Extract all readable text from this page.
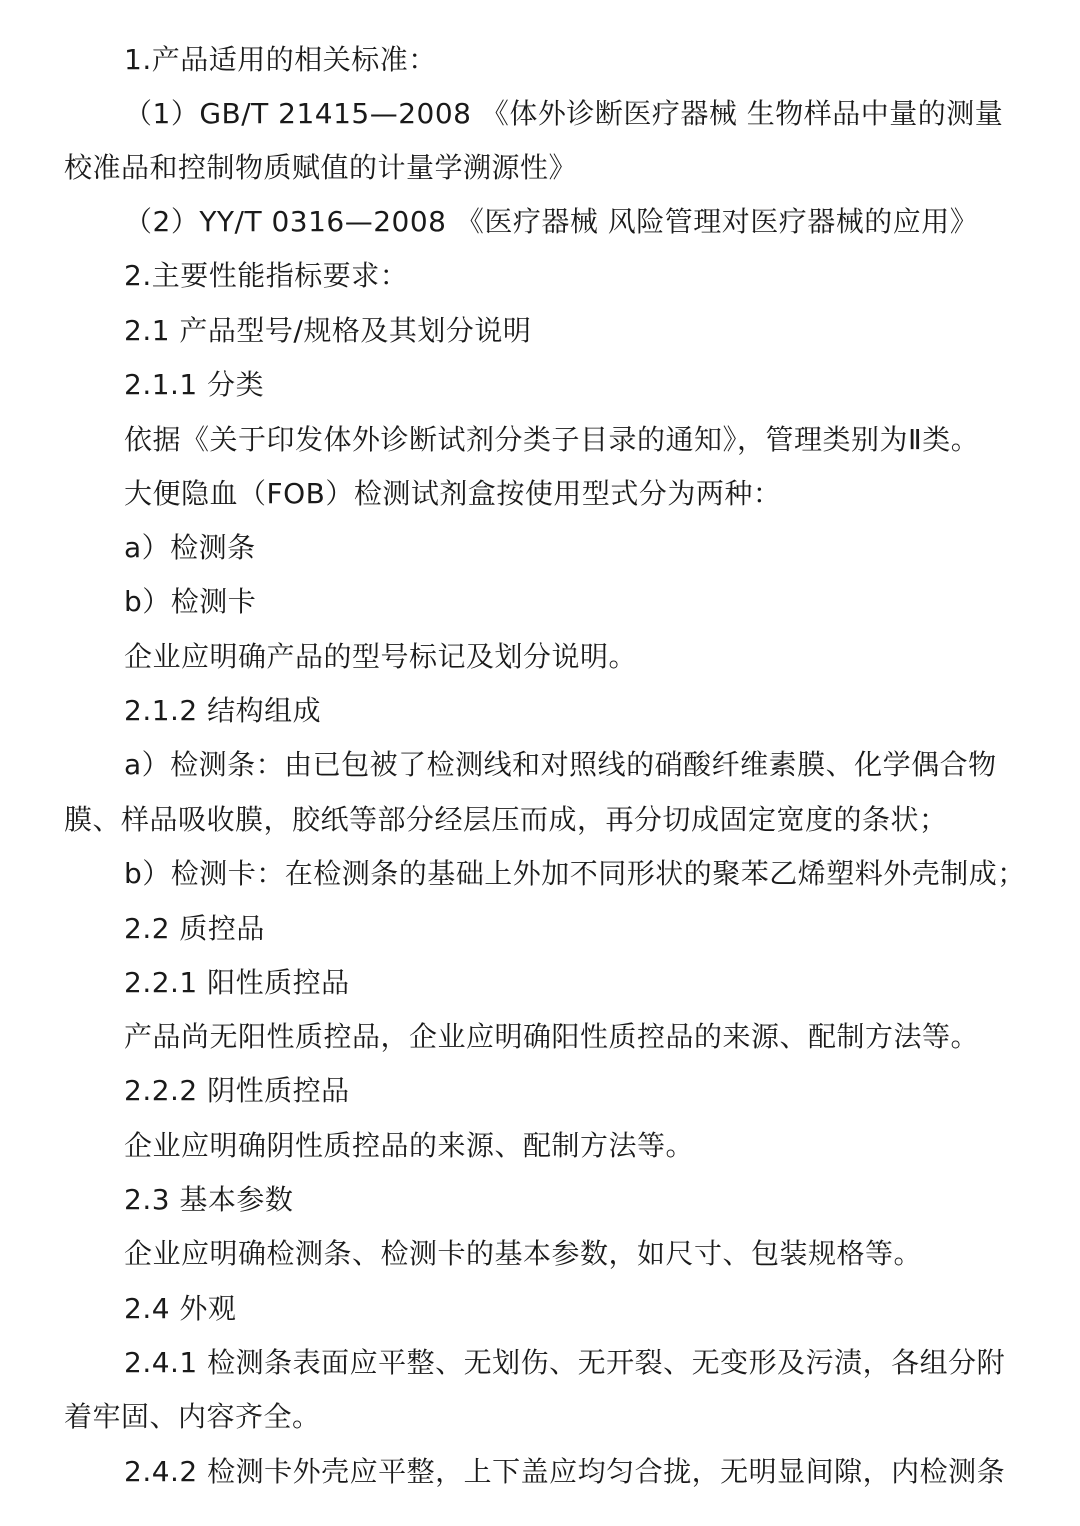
1.产品适用的相关标准：
（1）GB/T 21415—2008 《体外诊断医疗器械 生物样品中量的测量
校准品和控制物质赋值的计量学溯源性》
（2）YY/T 0316—2008 《医疗器械 风险管理对医疗器械的应用》
2.主要性能指标要求：
2.1 产品型号/规格及其划分说明
2.1.1 分类
依据《关于印发体外诊断试剂分类子目录的通知》，管理类别为Ⅱ类。
大便隐血（FOB）检测试剂盒按使用型式分为两种：
a）检测条
b）检测卡
企业应明确产品的型号标记及划分说明。
2.1.2 结构组成
a）检测条：由已包被了检测线和对照线的硝酸纤维素膜、化学偶合物
膜、样品吸收膜，胶纸等部分经层压而成，再分切成固定宽度的条状；
b）检测卡：在检测条的基础上外加不同形状的聚苯乙烯塑料外壳制成；
2.2 质控品
2.2.1 阳性质控品
产品尚无阳性质控品，企业应明确阳性质控品的来源、配制方法等。
2.2.2 阴性质控品
企业应明确阴性质控品的来源、配制方法等。
2.3 基本参数
企业应明确检测条、检测卡的基本参数，如尺寸、包装规格等。
2.4 外观
2.4.1 检测条表面应平整、无划伤、无开裂、无变形及污渍，各组分附
着牢固、内容齐全。
2.4.2 检测卡外壳应平整，上下盖应均匀合拢，无明显间隙，内检测条
